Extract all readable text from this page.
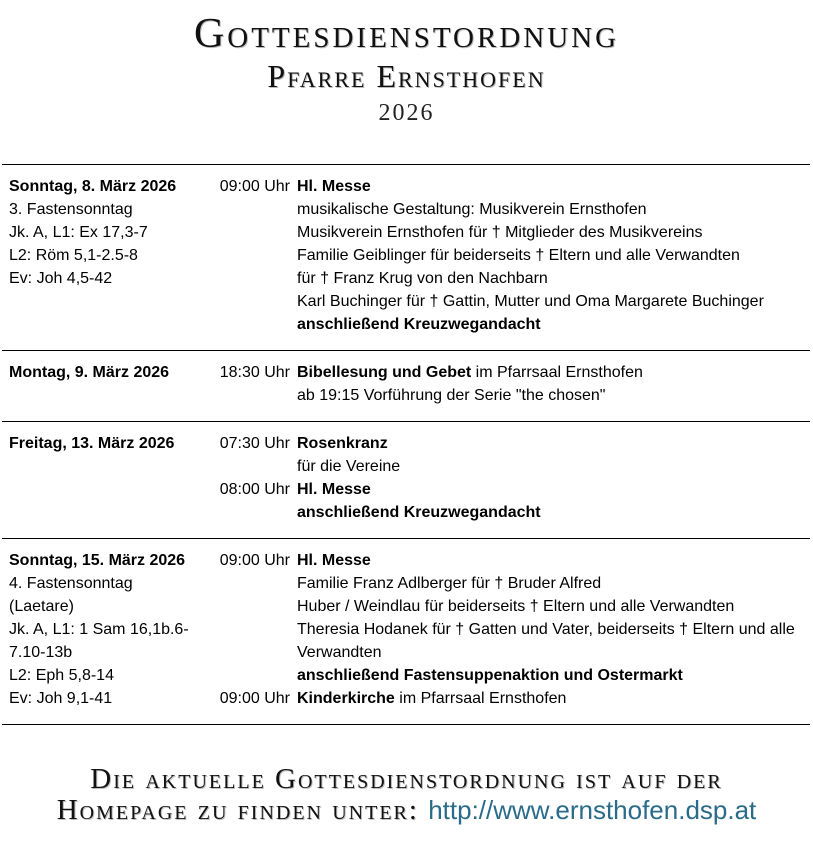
Gottesdienstordnung
Pfarre Ernsthofen
2026
Sonntag, 8. März 2026
3. Fastensonntag
Jk. A, L1: Ex 17,3-7
L2: Röm 5,1-2.5-8
Ev: Joh 4,5-42
09:00 Uhr Hl. Messe
musikalische Gestaltung: Musikverein Ernsthofen
Musikverein Ernsthofen für † Mitglieder des Musikvereins
Familie Geiblinger für beiderseits † Eltern und alle Verwandten
für † Franz Krug von den Nachbarn
Karl Buchinger für † Gattin, Mutter und Oma Margarete Buchinger
anschließend Kreuzwegandacht
Montag, 9. März 2026	18:30 Uhr Bibellesung und Gebet im Pfarrsaal Ernsthofen
ab 19:15 Vorführung der Serie "the chosen"
Freitag, 13. März 2026	07:30 Uhr Rosenkranz
für die Vereine
08:00 Uhr Hl. Messe
anschließend Kreuzwegandacht
Sonntag, 15. März 2026
4. Fastensonntag
(Laetare)
Jk. A, L1: 1 Sam 16,1b.6-
7.10-13b
L2: Eph 5,8-14
Ev: Joh 9,1-41
09:00 Uhr Hl. Messe
Familie Franz Adlberger für † Bruder Alfred
Huber / Weindlau für beiderseits † Eltern und alle Verwandten
Theresia Hodanek für † Gatten und Vater, beiderseits † Eltern und alle
Verwandten
anschließend Fastensuppenaktion und Ostermarkt
09:00 Uhr Kinderkirche im Pfarrsaal Ernsthofen
Die aktuelle Gottesdienstordnung ist auf der
Homepage zu finden unter: http://www.ernsthofen.dsp.at
